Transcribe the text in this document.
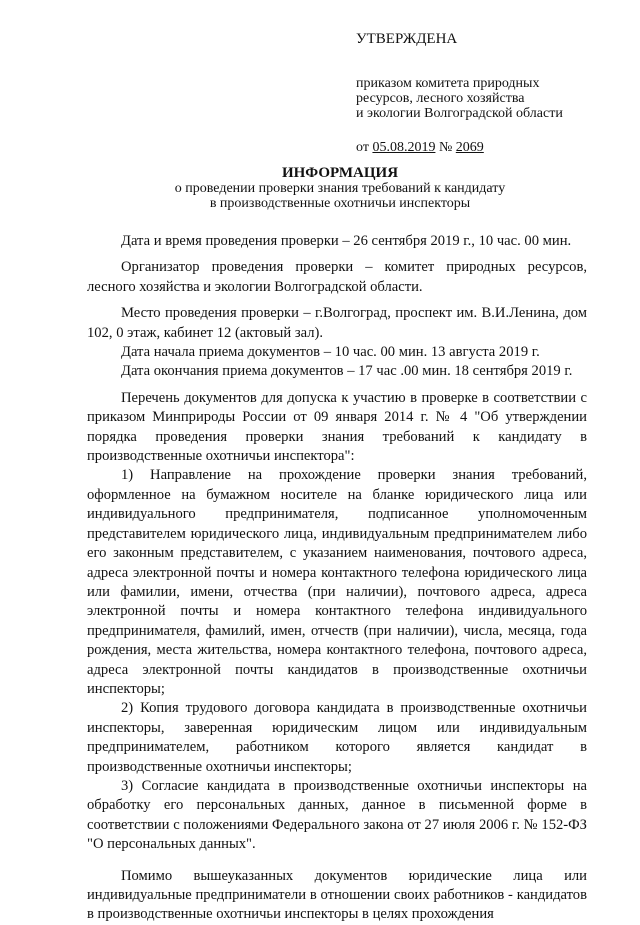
УТВЕРЖДЕНА
приказом комитета природных
ресурсов, лесного хозяйства
и экологии Волгоградской области
от 05.08.2019 № 2069
ИНФОРМАЦИЯ
о проведении проверки знания требований к кандидату
в производственные охотничьи инспекторы

Дата и время проведения проверки – 26 сентября 2019 г., 10 час. 00 мин.

Организатор проведения проверки – комитет природных ресурсов, лесного хозяйства и экологии Волгоградской области.

Место проведения проверки – г.Волгоград, проспект им. В.И.Ленина, дом 102, 0 этаж, кабинет 12 (актовый зал).

Дата начала приема документов – 10 час. 00 мин. 13 августа 2019 г.

Дата окончания приема документов – 17 час .00 мин. 18 сентября 2019 г.

Перечень документов для допуска к участию в проверке в соответствии с приказом Минприроды России от 09 января 2014 г. № 4 "Об утверждении порядка проведения проверки знания требований к кандидату в производственные охотничьи инспектора":

1) Направление на прохождение проверки знания требований, оформленное на бумажном носителе на бланке юридического лица или индивидуального предпринимателя, подписанное уполномоченным представителем юридического лица, индивидуальным предпринимателем либо его законным представителем, с указанием наименования, почтового адреса, адреса электронной почты и номера контактного телефона юридического лица или фамилии, имени, отчества (при наличии), почтового адреса, адреса электронной почты и номера контактного телефона индивидуального предпринимателя, фамилий, имен, отчеств (при наличии), числа, месяца, года рождения, места жительства, номера контактного телефона, почтового адреса, адреса электронной почты кандидатов в производственные охотничьи инспекторы;

2) Копия трудового договора кандидата в производственные охотничьи инспекторы, заверенная юридическим лицом или индивидуальным предпринимателем, работником которого является кандидат в производственные охотничьи инспекторы;

3) Согласие кандидата в производственные охотничьи инспекторы на обработку его персональных данных, данное в письменной форме в соответствии с положениями Федерального закона от 27 июля 2006 г. № 152-ФЗ "О персональных данных".

Помимо вышеуказанных документов юридические лица или индивидуальные предприниматели в отношении своих работников - кандидатов в производственные охотничьи инспекторы в целях прохождения
